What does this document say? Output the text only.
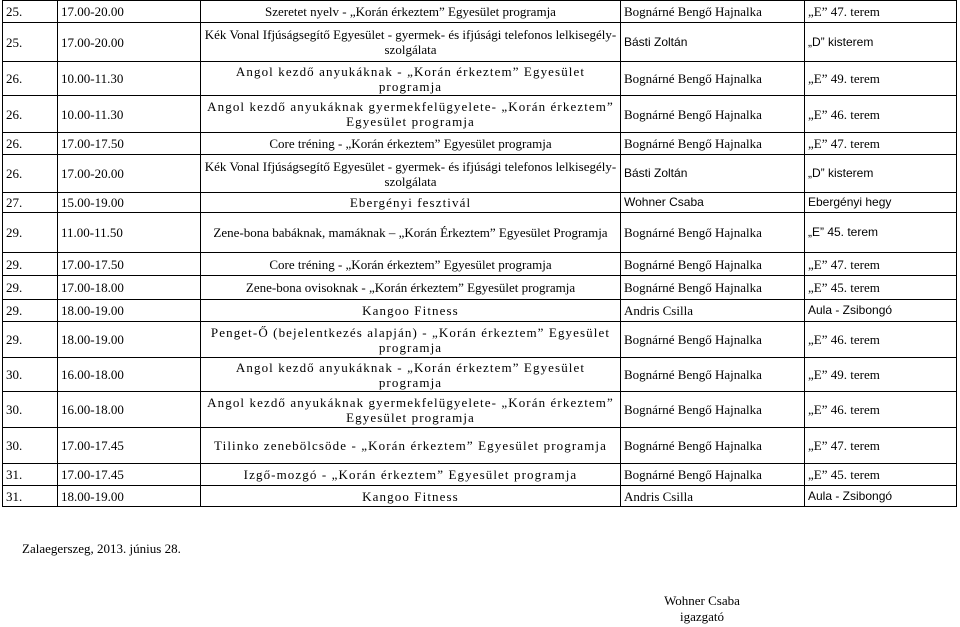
25.	17.00-20.00	Szeretet nyelv - „Korán érkeztem” Egyesület programja	Bognárné Bengő Hajnalka	„E” 47. terem
25.	17.00-20.00	Kék Vonal Ifjúságsegítő Egyesület - gyermek- és ifjúsági telefonos lelkisegély-szolgálata	Básti Zoltán	„D” kisterem
26.	10.00-11.30	Angol kezdő anyukáknak - „Korán érkeztem” Egyesület programja	Bognárné Bengő Hajnalka	„E” 49. terem
26.	10.00-11.30	Angol kezdő anyukáknak gyermekfelügyelete- „Korán érkeztem” Egyesület programja	Bognárné Bengő Hajnalka	„E” 46. terem
26.	17.00-17.50	Core tréning - „Korán érkeztem” Egyesület programja	Bognárné Bengő Hajnalka	„E” 47. terem
26.	17.00-20.00	Kék Vonal Ifjúságsegítő Egyesület - gyermek- és ifjúsági telefonos lelkisegély-szolgálata	Básti Zoltán	„D” kisterem
27.	15.00-19.00	Ebergényi fesztivál	Wohner Csaba	Ebergényi hegy
29.	11.00-11.50	Zene-bona babáknak, mamáknak – „Korán Érkeztem” Egyesület Programja	Bognárné Bengő Hajnalka	„E” 45. terem
29.	17.00-17.50	Core tréning - „Korán érkeztem” Egyesület programja	Bognárné Bengő Hajnalka	„E” 47. terem
29.	17.00-18.00	Zene-bona ovisoknak - „Korán érkeztem” Egyesület programja	Bognárné Bengő Hajnalka	„E” 45. terem
29.	18.00-19.00	Kangoo Fitness	Andris Csilla	Aula - Zsibongó
29.	18.00-19.00	Penget-Ő (bejelentkezés alapján) - „Korán érkeztem” Egyesület programja	Bognárné Bengő Hajnalka	„E” 46. terem
30.	16.00-18.00	Angol kezdő anyukáknak - „Korán érkeztem” Egyesület programja	Bognárné Bengő Hajnalka	„E” 49. terem
30.	16.00-18.00	Angol kezdő anyukáknak gyermekfelügyelete- „Korán érkeztem” Egyesület programja	Bognárné Bengő Hajnalka	„E” 46. terem
30.	17.00-17.45	Tilinko zenebölcsöde - „Korán érkeztem” Egyesület programja	Bognárné Bengő Hajnalka	„E” 47. terem
31.	17.00-17.45	Izgő-mozgó - „Korán érkeztem” Egyesület programja	Bognárné Bengő Hajnalka	„E” 45. terem
31.	18.00-19.00	Kangoo Fitness	Andris Csilla	Aula - Zsibongó
Zalaegerszeg, 2013. június 28.
Wohner Csaba
igazgató
